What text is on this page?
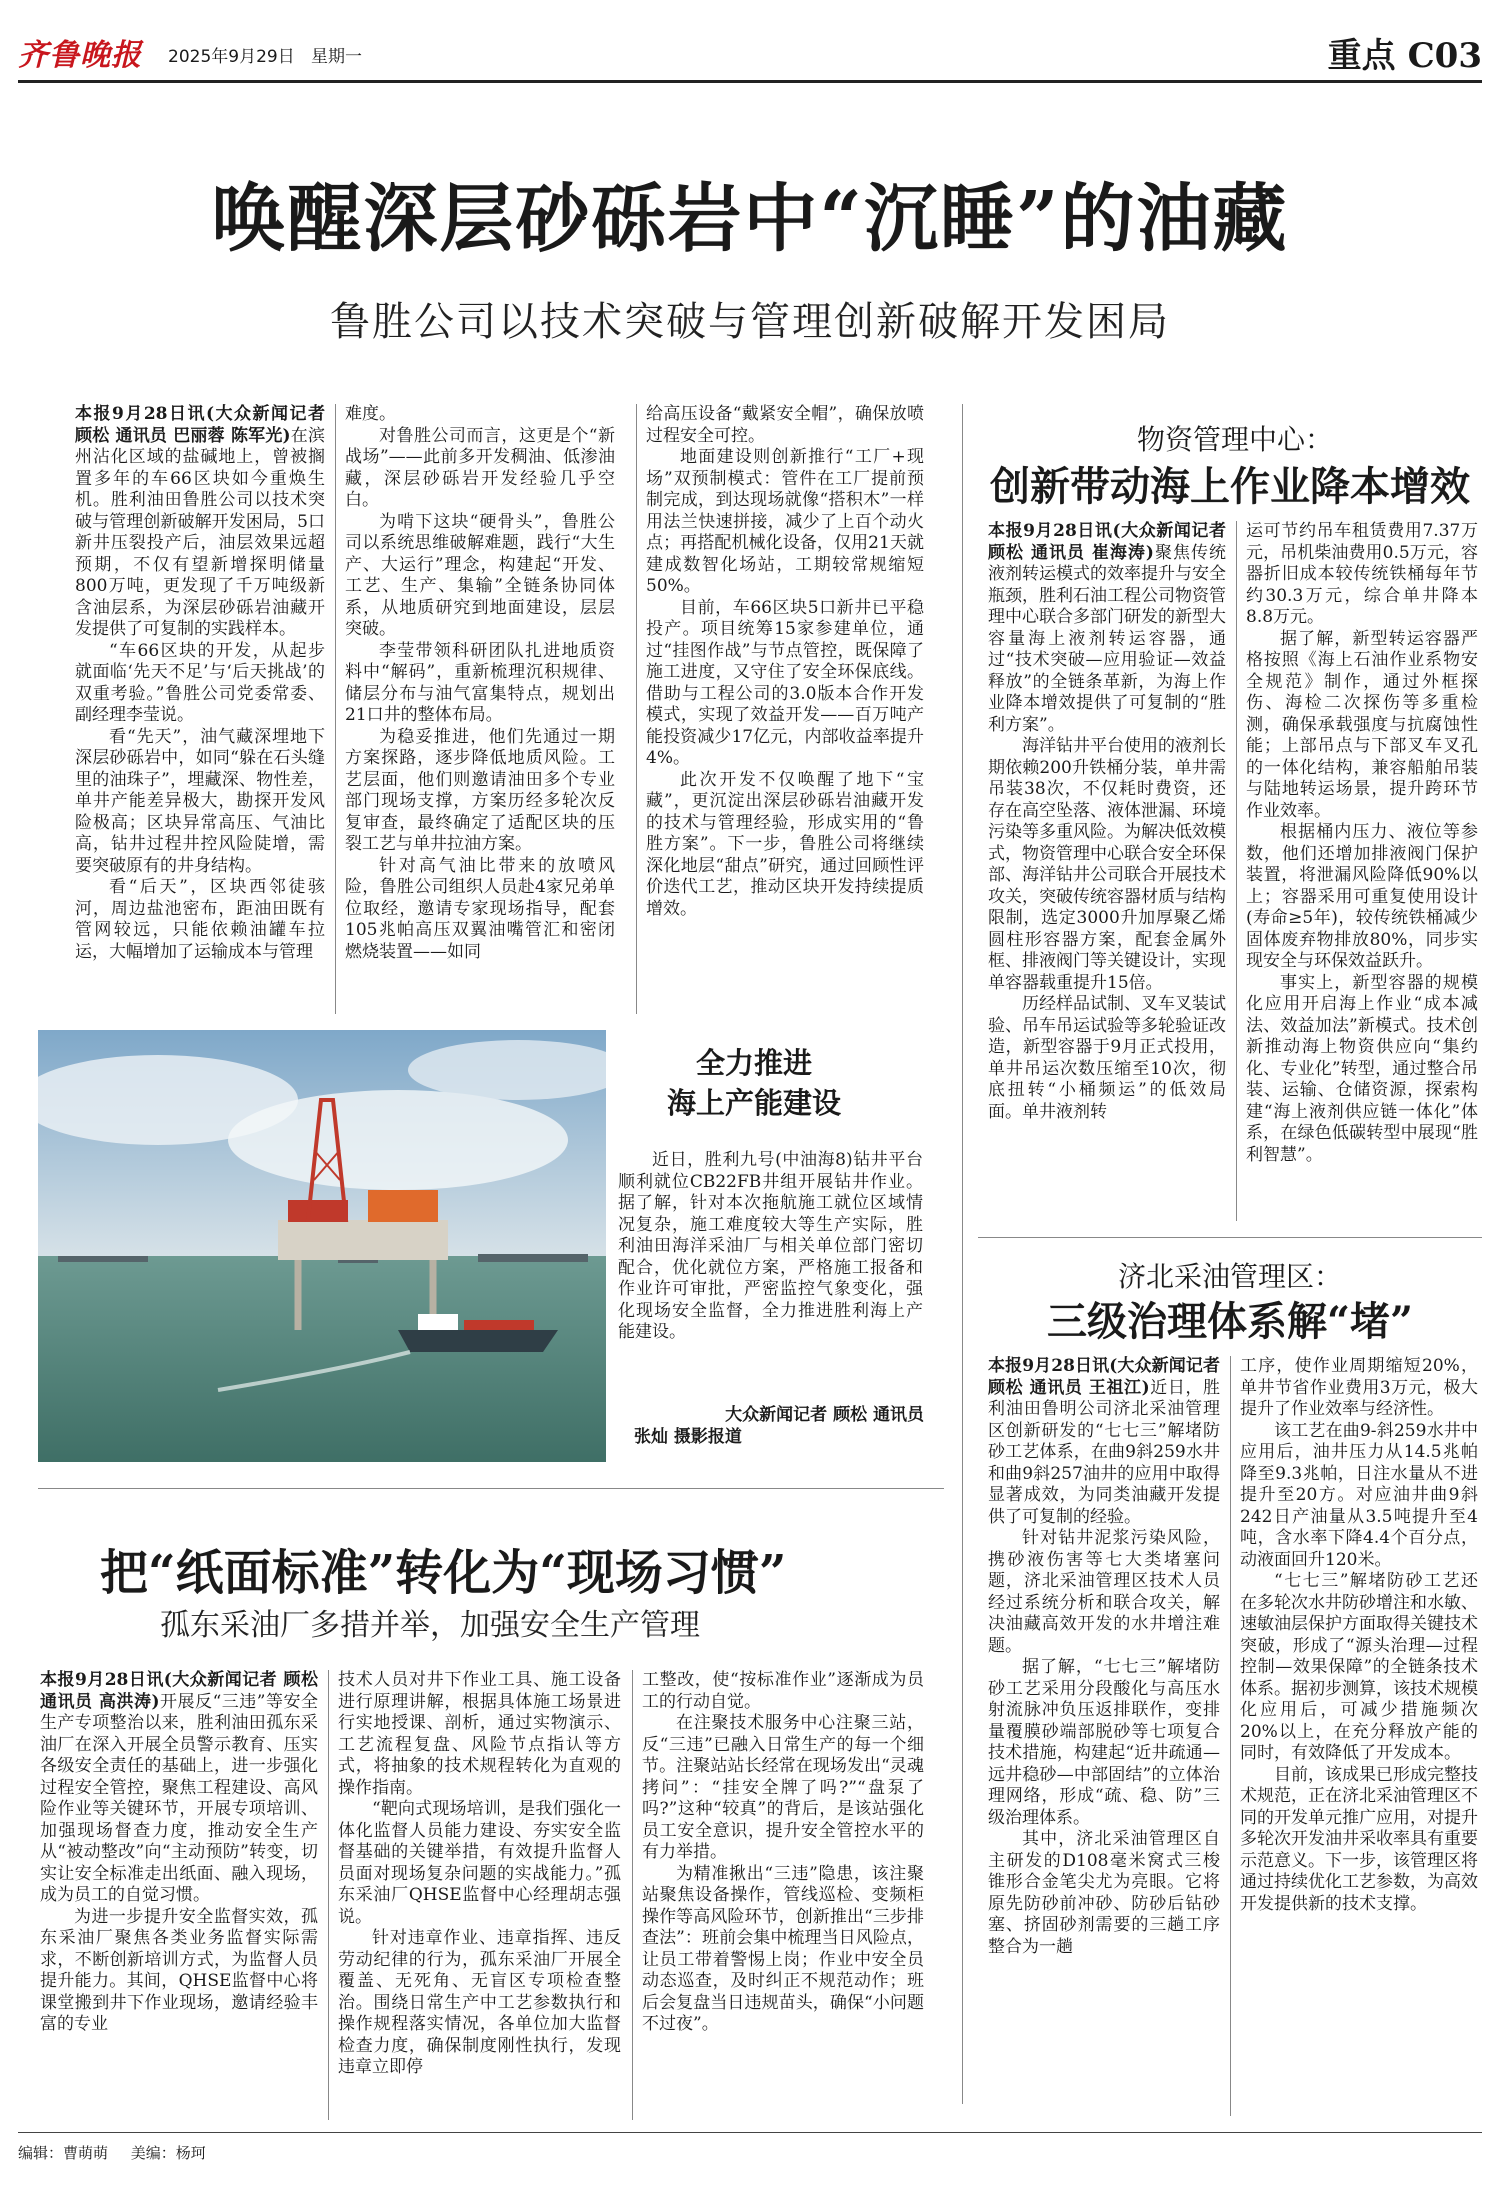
齐鲁晚报 2025年9月29日 星期一	重点 C03
唤醒深层砂砾岩中“沉睡”的油藏
鲁胜公司以技术突破与管理创新破解开发困局

本报9月28日讯(大众新闻记者 顾松 通讯员 巴丽蓉 陈军光)在滨州沾化区域的盐碱地上，曾被搁置多年的车66区块如今重焕生机。胜利油田鲁胜公司以技术突破与管理创新破解开发困局，5口新井压裂投产后，油层效果远超预期，不仅有望新增探明储量800万吨，更发现了千万吨级新含油层系，为深层砂砾岩油藏开发提供了可复制的实践样本。

“车66区块的开发，从起步就面临‘先天不足’与‘后天挑战’的双重考验。”鲁胜公司党委常委、副经理李莹说。

看“先天”，油气藏深埋地下深层砂砾岩中，如同“躲在石头缝里的油珠子”，埋藏深、物性差，单井产能差异极大，勘探开发风险极高；区块异常高压、气油比高，钻井过程井控风险陡增，需要突破原有的井身结构。

看“后天”，区块西邻徒骇河，周边盐池密布，距油田既有管网较远，只能依赖油罐车拉运，大幅增加了运输成本与管理

难度。

对鲁胜公司而言，这更是个“新战场”——此前多开发稠油、低渗油藏，深层砂砾岩开发经验几乎空白。

为啃下这块“硬骨头”，鲁胜公司以系统思维破解难题，践行“大生产、大运行”理念，构建起“开发、工艺、生产、集输”全链条协同体系，从地质研究到地面建设，层层突破。

李莹带领科研团队扎进地质资料中“解码”，重新梳理沉积规律、储层分布与油气富集特点，规划出21口井的整体布局。

为稳妥推进，他们先通过一期方案探路，逐步降低地质风险。工艺层面，他们则邀请油田多个专业部门现场支撑，方案历经多轮次反复审查，最终确定了适配区块的压裂工艺与单井拉油方案。

针对高气油比带来的放喷风险，鲁胜公司组织人员赴4家兄弟单位取经，邀请专家现场指导，配套105兆帕高压双翼油嘴管汇和密闭燃烧装置——如同

给高压设备“戴紧安全帽”，确保放喷过程安全可控。

地面建设则创新推行“工厂+现场”双预制模式：管件在工厂提前预制完成，到达现场就像“搭积木”一样用法兰快速拼接，减少了上百个动火点；再搭配机械化设备，仅用21天就建成数智化场站，工期较常规缩短50%。

目前，车66区块5口新井已平稳投产。项目统筹15家参建单位，通过“挂图作战”与节点管控，既保障了施工进度，又守住了安全环保底线。借助与工程公司的3.0版本合作开发模式，实现了效益开发——百万吨产能投资减少17亿元，内部收益率提升4%。

此次开发不仅唤醒了地下“宝藏”，更沉淀出深层砂砾岩油藏开发的技术与管理经验，形成实用的“鲁胜方案”。下一步，鲁胜公司将继续深化地层“甜点”研究，通过回顾性评价迭代工艺，推动区块开发持续提质增效。

物资管理中心：
创新带动海上作业降本增效

本报9月28日讯(大众新闻记者 顾松 通讯员 崔海涛)聚焦传统液剂转运模式的效率提升与安全瓶颈，胜利石油工程公司物资管理中心联合多部门研发的新型大容量海上液剂转运容器，通过“技术突破—应用验证—效益释放”的全链条革新，为海上作业降本增效提供了可复制的“胜利方案”。

海洋钻井平台使用的液剂长期依赖200升铁桶分装，单井需吊装38次，不仅耗时费资，还存在高空坠落、液体泄漏、环境污染等多重风险。为解决低效模式，物资管理中心联合安全环保部、海洋钻井公司联合开展技术攻关，突破传统容器材质与结构限制，选定3000升加厚聚乙烯圆柱形容器方案，配套金属外框、排液阀门等关键设计，实现单容器载重提升15倍。

历经样品试制、叉车叉装试验、吊车吊运试验等多轮验证改造，新型容器于9月正式投用，单井吊运次数压缩至10次，彻底扭转“小桶频运”的低效局面。单井液剂转

运可节约吊车租赁费用7.37万元，吊机柴油费用0.5万元，容器折旧成本较传统铁桶每年节约30.3万元，综合单井降本8.8万元。

据了解，新型转运容器严格按照《海上石油作业系物安全规范》制作，通过外框探伤、海检二次探伤等多重检测，确保承载强度与抗腐蚀性能；上部吊点与下部叉车叉孔的一体化结构，兼容船舶吊装与陆地转运场景，提升跨环节作业效率。

根据桶内压力、液位等参数，他们还增加排液阀门保护装置，将泄漏风险降低90%以上；容器采用可重复使用设计(寿命≥5年)，较传统铁桶减少固体废弃物排放80%，同步实现安全与环保效益跃升。

事实上，新型容器的规模化应用开启海上作业“成本减法、效益加法”新模式。技术创新推动海上物资供应向“集约化、专业化”转型，通过整合吊装、运输、仓储资源，探索构建“海上液剂供应链一体化”体系，在绿色低碳转型中展现“胜利智慧”。

全力推进
海上产能建设

近日，胜利九号(中油海8)钻井平台顺利就位CB22FB井组开展钻井作业。据了解，针对本次拖航施工就位区域情况复杂，施工难度较大等生产实际，胜利油田海洋采油厂与相关单位部门密切配合，优化就位方案，严格施工报备和作业许可审批，严密监控气象变化，强化现场安全监督，全力推进胜利海上产能建设。

大众新闻记者 顾松 通讯员

张灿 摄影报道

济北采油管理区：
三级治理体系解“堵”

本报9月28日讯(大众新闻记者 顾松 通讯员 王祖江)近日，胜利油田鲁明公司济北采油管理区创新研发的“七七三”解堵防砂工艺体系，在曲9斜259水井和曲9斜257油井的应用中取得显著成效，为同类油藏开发提供了可复制的经验。

针对钻井泥浆污染风险，携砂液伤害等七大类堵塞问题，济北采油管理区技术人员经过系统分析和联合攻关，解决油藏高效开发的水井增注难题。

据了解，“七七三”解堵防砂工艺采用分段酸化与高压水射流脉冲负压返排联作，变排量覆膜砂端部脱砂等七项复合技术措施，构建起“近井疏通—远井稳砂—中部固结”的立体治理网络，形成“疏、稳、防”三级治理体系。

其中，济北采油管理区自主研发的D108毫米窝式三梭锥形合金笔尖尤为亮眼。它将原先防砂前冲砂、防砂后钻砂塞、挤固砂剂需要的三趟工序整合为一趟

工序，使作业周期缩短20%，单井节省作业费用3万元，极大提升了作业效率与经济性。

该工艺在曲9-斜259水井中应用后，油井压力从14.5兆帕降至9.3兆帕，日注水量从不进提升至20方。对应油井曲9斜242日产油量从3.5吨提升至4吨，含水率下降4.4个百分点，动液面回升120米。

“七七三”解堵防砂工艺还在多轮次水井防砂增注和水敏、速敏油层保护方面取得关键技术突破，形成了“源头治理—过程控制—效果保障”的全链条技术体系。据初步测算，该技术规模化应用后，可减少措施频次20%以上，在充分释放产能的同时，有效降低了开发成本。

目前，该成果已形成完整技术规范，正在济北采油管理区不同的开发单元推广应用，对提升多轮次开发油井采收率具有重要示范意义。下一步，该管理区将通过持续优化工艺参数，为高效开发提供新的技术支撑。

把“纸面标准”转化为“现场习惯”
孤东采油厂多措并举，加强安全生产管理

本报9月28日讯(大众新闻记者 顾松 通讯员 高洪涛)开展反“三违”等安全生产专项整治以来，胜利油田孤东采油厂在深入开展全员警示教育、压实各级安全责任的基础上，进一步强化过程安全管控，聚焦工程建设、高风险作业等关键环节，开展专项培训、加强现场督查力度，推动安全生产从“被动整改”向“主动预防”转变，切实让安全标准走出纸面、融入现场，成为员工的自觉习惯。

为进一步提升安全监督实效，孤东采油厂聚焦各类业务监督实际需求，不断创新培训方式，为监督人员提升能力。其间，QHSE监督中心将课堂搬到井下作业现场，邀请经验丰富的专业

技术人员对井下作业工具、施工设备进行原理讲解，根据具体施工场景进行实地授课、剖析，通过实物演示、工艺流程复盘、风险节点指认等方式，将抽象的技术规程转化为直观的操作指南。

“靶向式现场培训，是我们强化一体化监督人员能力建设、夯实安全监督基础的关键举措，有效提升监督人员面对现场复杂问题的实战能力。”孤东采油厂QHSE监督中心经理胡志强说。

针对违章作业、违章指挥、违反劳动纪律的行为，孤东采油厂开展全覆盖、无死角、无盲区专项检查整治。围绕日常生产中工艺参数执行和操作规程落实情况，各单位加大监督检查力度，确保制度刚性执行，发现违章立即停

工整改，使“按标准作业”逐渐成为员工的行动自觉。

在注聚技术服务中心注聚三站，反“三违”已融入日常生产的每一个细节。注聚站站长经常在现场发出“灵魂拷问”：“挂安全牌了吗?”“盘泵了吗?”这种“较真”的背后，是该站强化员工安全意识，提升安全管控水平的有力举措。

为精准揪出“三违”隐患，该注聚站聚焦设备操作，管线巡检、变频柜操作等高风险环节，创新推出“三步排查法”：班前会集中梳理当日风险点，让员工带着警惕上岗；作业中安全员动态巡查，及时纠正不规范动作；班后会复盘当日违规苗头，确保“小问题不过夜”。

编辑：曹萌萌 美编：杨珂
